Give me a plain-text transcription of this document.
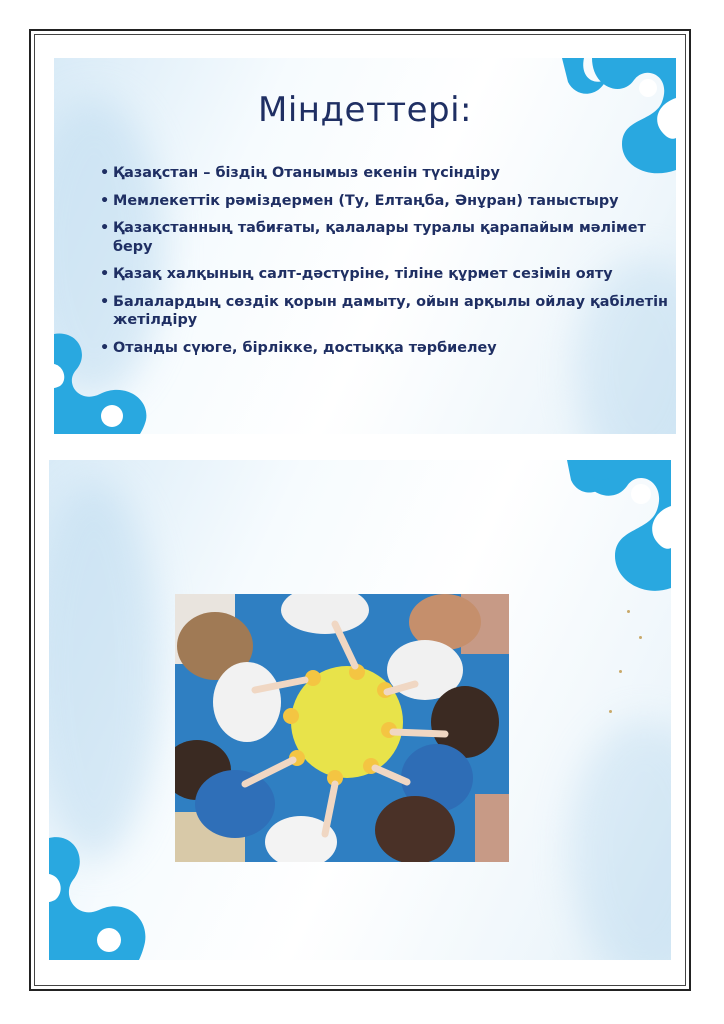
Міндеттері:
• Қазақстан – біздің Отанымыз екенін түсіндіру
• Мемлекеттік рәміздермен (Ту, Елтаңба, Әнұран) таныстыру
• Қазақстанның табиғаты, қалалары туралы қарапайым мәлімет беру
• Қазақ халқының салт-дәстүріне, тіліне құрмет сезімін ояту
• Балалардың сөздік қорын дамыту, ойын арқылы ойлау қабілетін жетілдіру
• Отанды сүюге, бірлікке, достыққа тәрбиелеу
